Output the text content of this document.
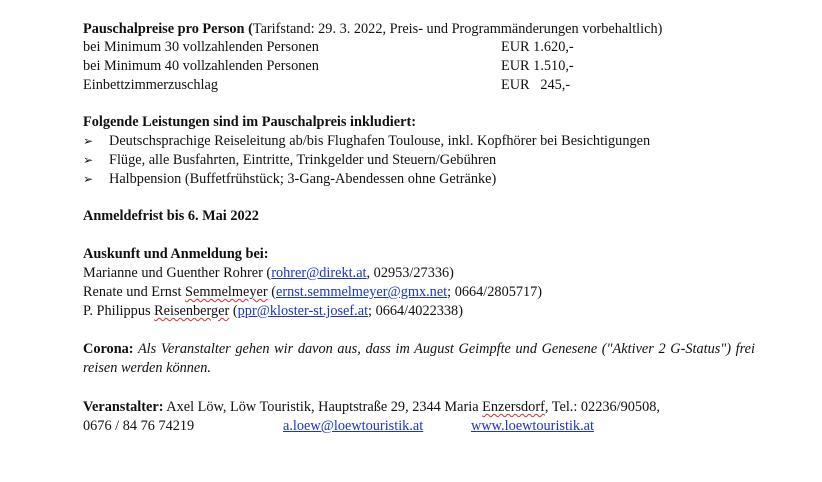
Pauschalpreise pro Person (Tarifstand: 29. 3. 2022, Preis- und Programmänderungen vorbehaltlich)
bei Minimum 30 vollzahlenden Personen	EUR 1.620,-
bei Minimum 40 vollzahlenden Personen	EUR 1.510,-
Einbettzimmerzuschlag	EUR   245,-
Folgende Leistungen sind im Pauschalpreis inkludiert:
➢ Deutschsprachige Reiseleitung ab/bis Flughafen Toulouse, inkl. Kopfhörer bei Besichtigungen
➢ Flüge, alle Busfahrten, Eintritte, Trinkgelder und Steuern/Gebühren
➢ Halbpension (Buffetfrühstück; 3-Gang-Abendessen ohne Getränke)
Anmeldefrist bis 6. Mai 2022
Auskunft und Anmeldung bei:
Marianne und Guenther Rohrer (rohrer@direkt.at, 02953/27336)
Renate und Ernst Semmelmeyer (ernst.semmelmeyer@gmx.net; 0664/2805717)
P. Philippus Reisenberger (ppr@kloster-st.josef.at; 0664/4022338)
Corona: Als Veranstalter gehen wir davon aus, dass im August Geimpfte und Genesene ("Aktiver 2 G-Status") frei reisen werden können.
Veranstalter: Axel Löw, Löw Touristik, Hauptstraße 29, 2344 Maria Enzersdorf, Tel.: 02236/90508,
0676 / 84 76 74219	a.loew@loewtouristik.at	www.loewtouristik.at
